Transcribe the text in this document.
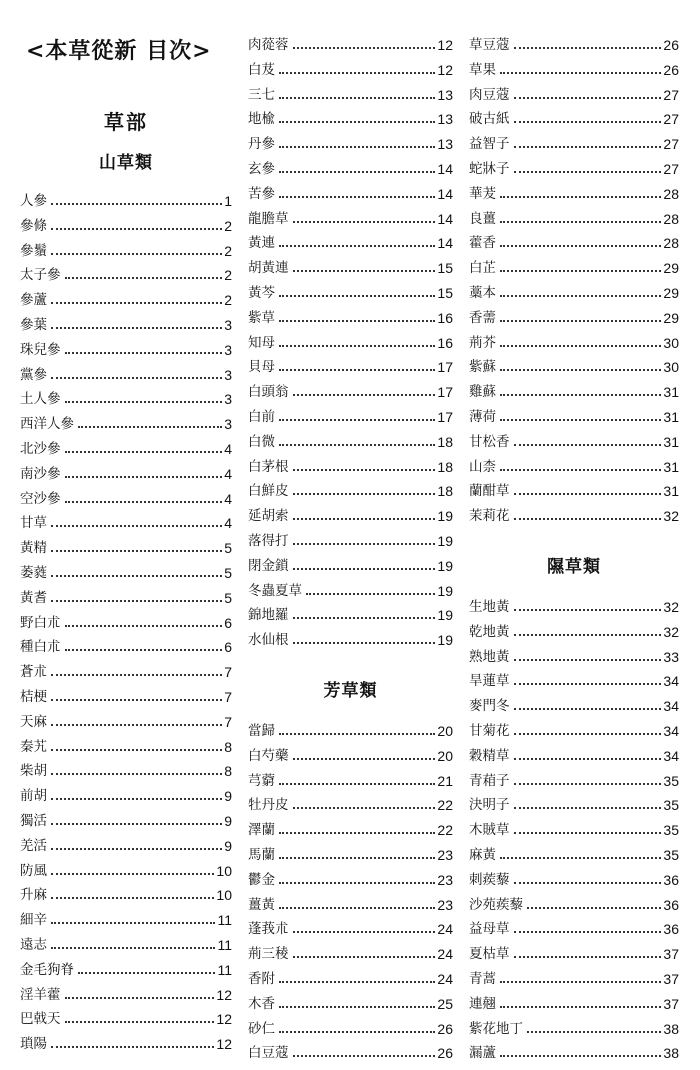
<本草從新 目次>
草部
山草類
人參	1
參條	2
參鬚	2
太子參	2
參蘆	2
參葉	3
珠兒參	3
黨參	3
土人參	3
西洋人參	3
北沙參	4
南沙參	4
空沙參	4
甘草	4
黃精	5
萎蕤	5
黃耆	5
野白朮	6
種白朮	6
蒼朮	7
桔梗	7
天麻	7
秦艽	8
柴胡	8
前胡	9
獨活	9
羌活	9
防風	10
升麻	10
細辛	11
遠志	11
金毛狗脊	11
淫羊藿	12
巴戟天	12
瑣陽	12
肉蓯蓉	12
白芨	12
三七	13
地楡	13
丹參	13
玄參	14
苦參	14
龍膽草	14
黃連	14
胡黃連	15
黃芩	15
紫草	16
知母	16
貝母	17
白頭翁	17
白前	17
白微	18
白茅根	18
白鮮皮	18
延胡索	19
落得打	19
閉金鎖	19
冬蟲夏草	19
錦地羅	19
水仙根	19
芳草類
當歸	20
白芍藥	20
芎藭	21
牡丹皮	22
澤蘭	22
馬蘭	23
鬱金	23
薑黃	23
蓬莪朮	24
荊三稜	24
香附	24
木香	25
砂仁	26
白豆蔻	26
草豆蔻	26
草果	26
肉豆蔻	27
破古紙	27
益智子	27
蛇牀子	27
華茇	28
良薑	28
藿香	28
白芷	29
藁本	29
香薷	29
荊芥	30
紫蘇	30
雞蘇	31
薄荷	31
甘松香	31
山柰	31
蘭酣草	31
茉莉花	32
隰草類
生地黃	32
乾地黃	32
熟地黃	33
旱蓮草	34
麥門冬	34
甘菊花	34
穀精草	34
青葙子	35
決明子	35
木賊草	35
麻黃	35
刺蒺藜	36
沙苑蒺藜	36
益母草	36
夏枯草	37
青蒿	37
連翹	37
紫花地丁	38
漏蘆	38
